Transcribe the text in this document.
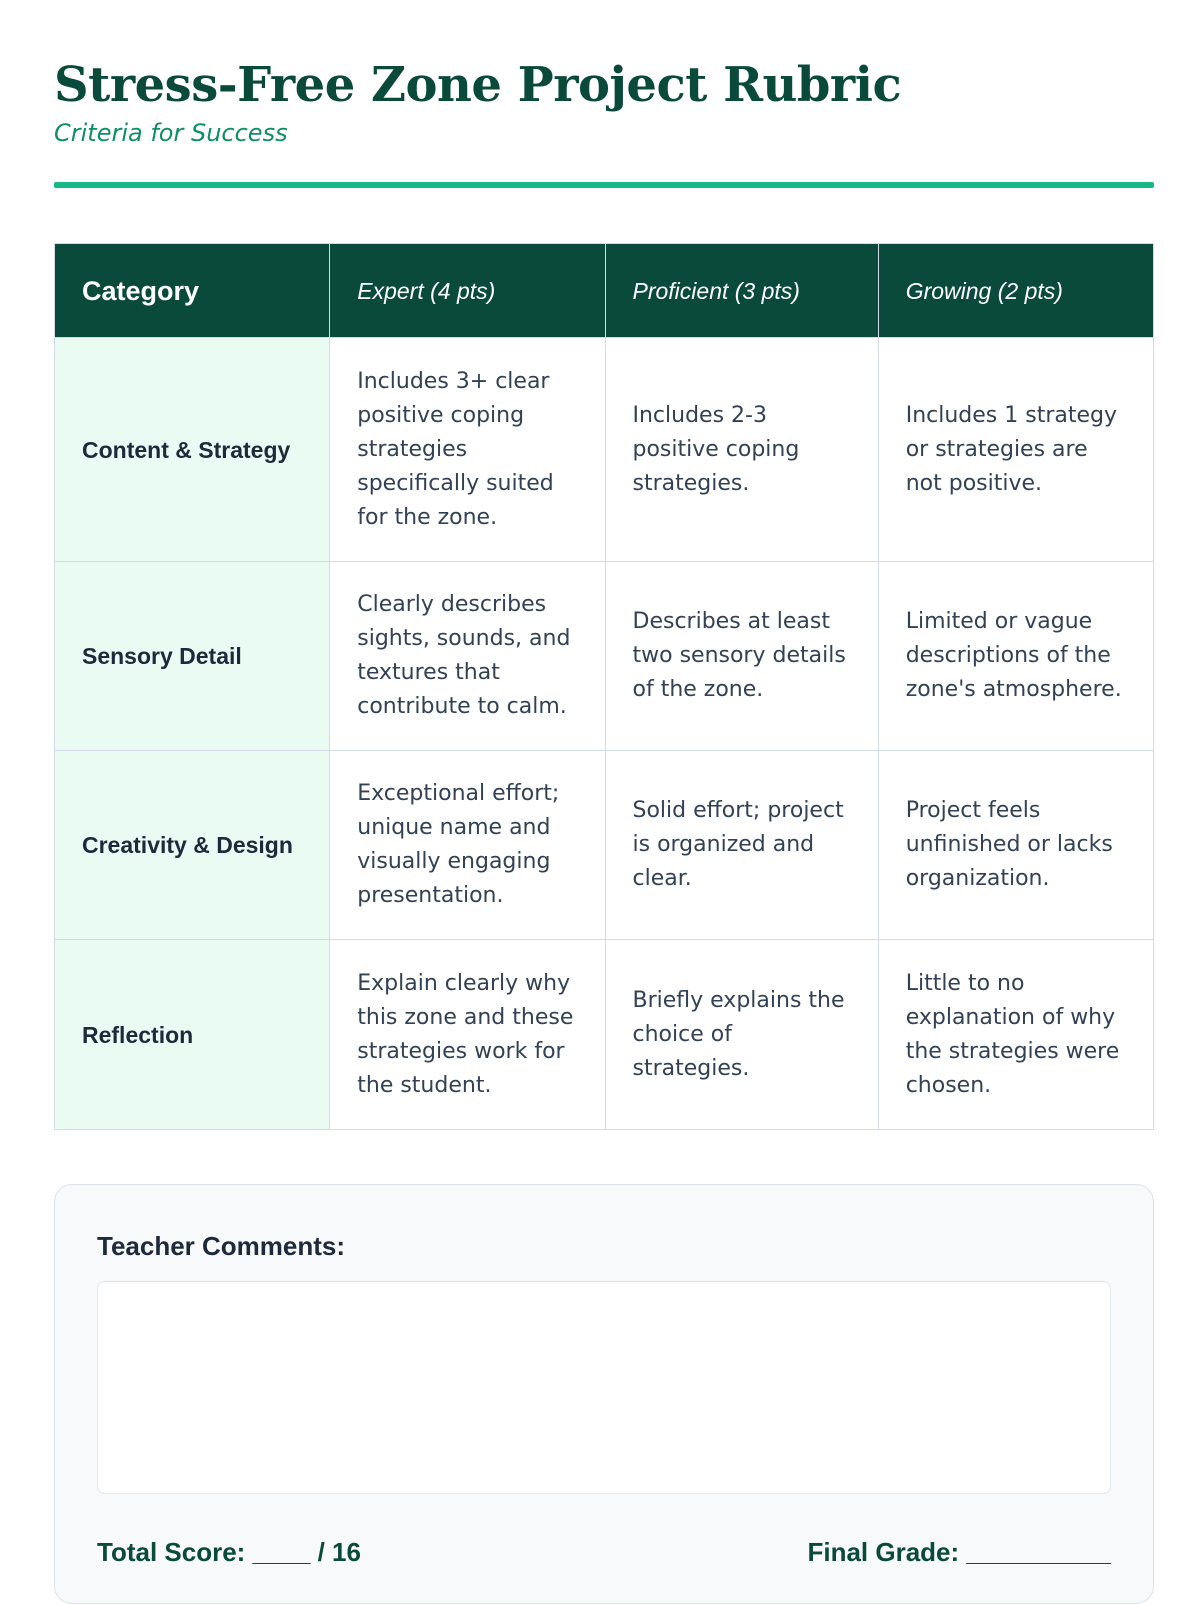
Stress-Free Zone Project Rubric
Criteria for Success
Category	Expert (4 pts)	Proficient (3 pts)	Growing (2 pts)
Content & Strategy	Includes 3+ clear positive coping strategies specifically suited for the zone.	Includes 2-3 positive coping strategies.	Includes 1 strategy or strategies are not positive.
Sensory Detail	Clearly describes sights, sounds, and textures that contribute to calm.	Describes at least two sensory details of the zone.	Limited or vague descriptions of the zone's atmosphere.
Creativity & Design	Exceptional effort; unique name and visually engaging presentation.	Solid effort; project is organized and clear.	Project feels unfinished or lacks organization.
Reflection	Explain clearly why this zone and these strategies work for the student.	Briefly explains the choice of strategies.	Little to no explanation of why the strategies were chosen.
Teacher Comments:
Total Score: ____ / 16	Final Grade: __________
